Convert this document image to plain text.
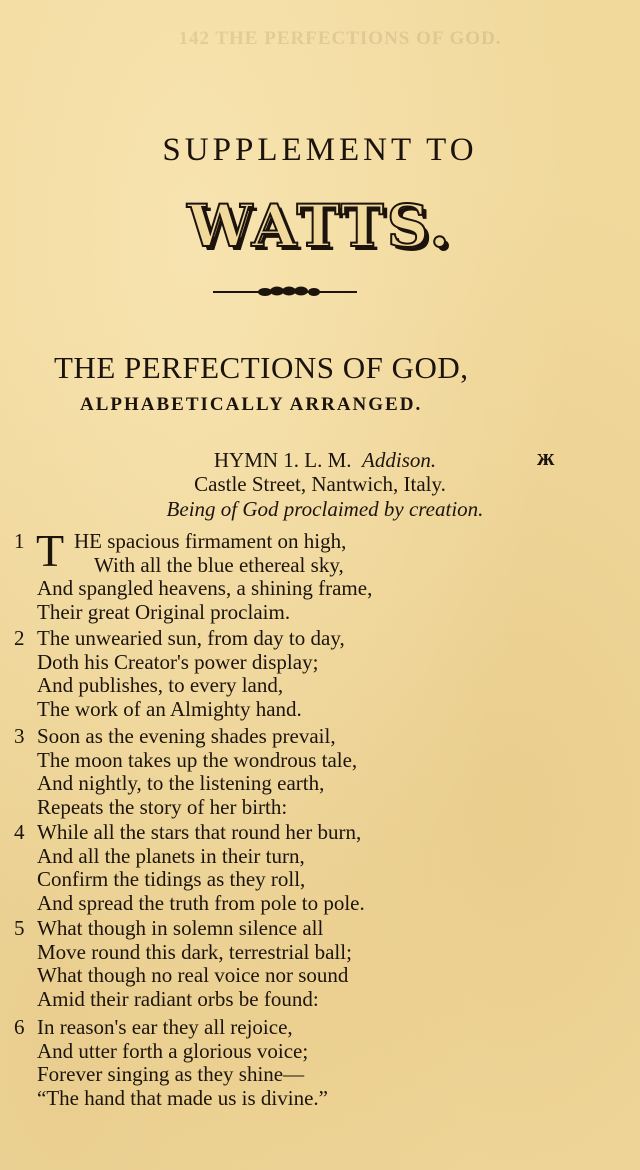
142 THE PERFECTIONS OF GOD.
SUPPLEMENT TO
WATTS.
THE PERFECTIONS OF GOD,
ALPHABETICALLY ARRANGED.
HYMN 1. L. M. Addison.	ж
Castle Street, Nantwich, Italy.
Being of God proclaimed by creation.
1 T HE spacious firmament on high,
With all the blue ethereal sky,
And spangled heavens, a shining frame,
Their great Original proclaim.
2 The unwearied sun, from day to day,
Doth his Creator's power display;
And publishes, to every land,
The work of an Almighty hand.
3 Soon as the evening shades prevail,
The moon takes up the wondrous tale,
And nightly, to the listening earth,
Repeats the story of her birth:
4 While all the stars that round her burn,
And all the planets in their turn,
Confirm the tidings as they roll,
And spread the truth from pole to pole.
5 What though in solemn silence all
Move round this dark, terrestrial ball;
What though no real voice nor sound
Amid their radiant orbs be found:
6 In reason's ear they all rejoice,
And utter forth a glorious voice;
Forever singing as they shine—
“The hand that made us is divine.”
